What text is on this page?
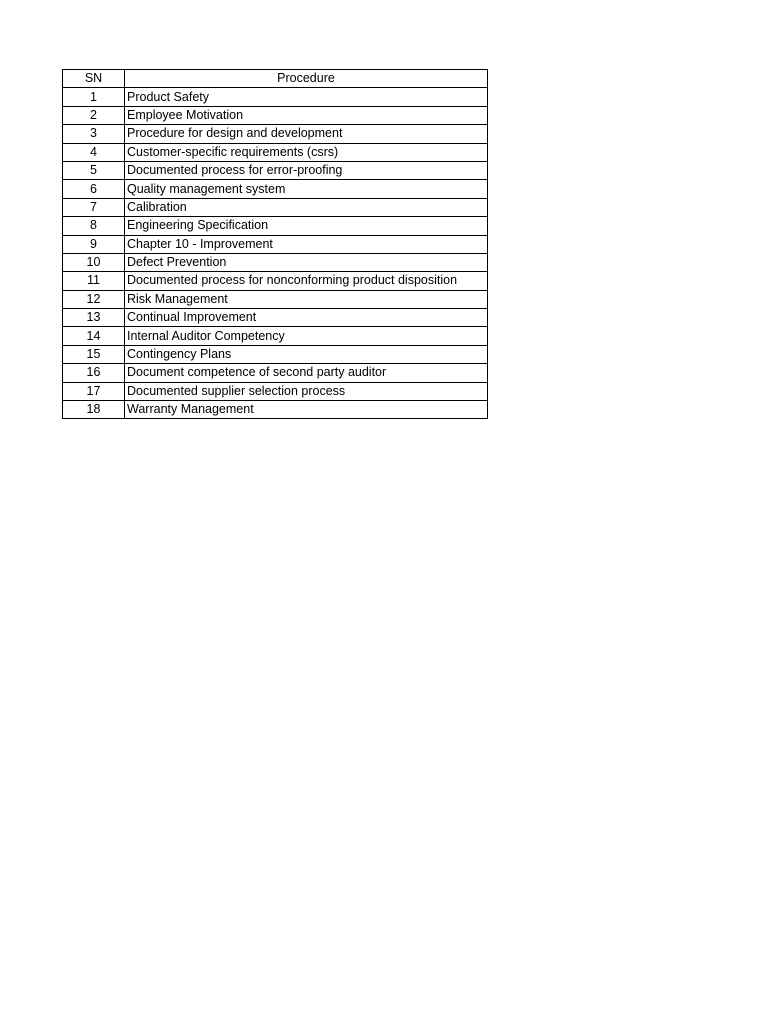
SN	Procedure
1	Product Safety
2	Employee Motivation
3	Procedure for design and development
4	Customer-specific requirements (csrs)
5	Documented process for error-proofing
6	Quality management system
7	Calibration
8	Engineering Specification
9	Chapter 10 - Improvement
10	Defect Prevention
11	Documented process for nonconforming product disposition
12	Risk Management
13	Continual Improvement
14	Internal Auditor Competency
15	Contingency Plans
16	Document competence of second party auditor
17	Documented supplier selection process
18	Warranty Management
